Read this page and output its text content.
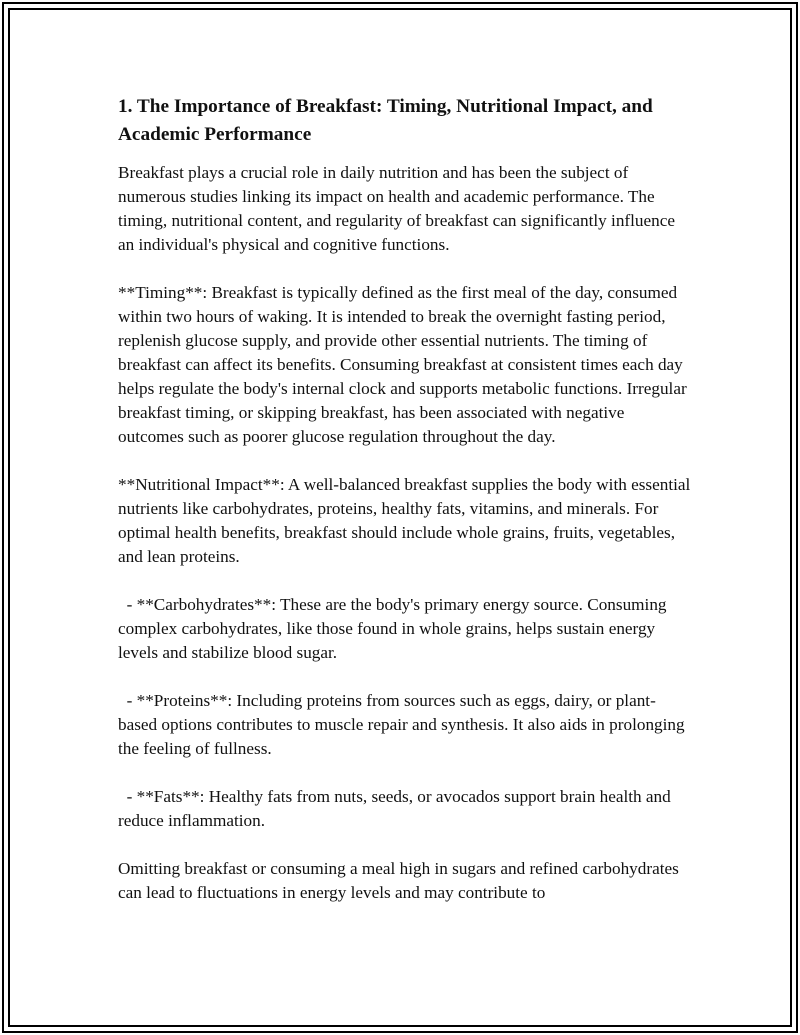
1. The Importance of Breakfast: Timing, Nutritional Impact, and Academic Performance
Breakfast plays a crucial role in daily nutrition and has been the subject of numerous studies linking its impact on health and academic performance. The timing, nutritional content, and regularity of breakfast can significantly influence an individual's physical and cognitive functions.
**Timing**: Breakfast is typically defined as the first meal of the day, consumed within two hours of waking. It is intended to break the overnight fasting period, replenish glucose supply, and provide other essential nutrients. The timing of breakfast can affect its benefits. Consuming breakfast at consistent times each day helps regulate the body's internal clock and supports metabolic functions. Irregular breakfast timing, or skipping breakfast, has been associated with negative outcomes such as poorer glucose regulation throughout the day.
**Nutritional Impact**: A well-balanced breakfast supplies the body with essential nutrients like carbohydrates, proteins, healthy fats, vitamins, and minerals. For optimal health benefits, breakfast should include whole grains, fruits, vegetables, and lean proteins.
- **Carbohydrates**: These are the body's primary energy source. Consuming complex carbohydrates, like those found in whole grains, helps sustain energy levels and stabilize blood sugar.
- **Proteins**: Including proteins from sources such as eggs, dairy, or plant-based options contributes to muscle repair and synthesis. It also aids in prolonging the feeling of fullness.
- **Fats**: Healthy fats from nuts, seeds, or avocados support brain health and reduce inflammation.
Omitting breakfast or consuming a meal high in sugars and refined carbohydrates can lead to fluctuations in energy levels and may contribute to
